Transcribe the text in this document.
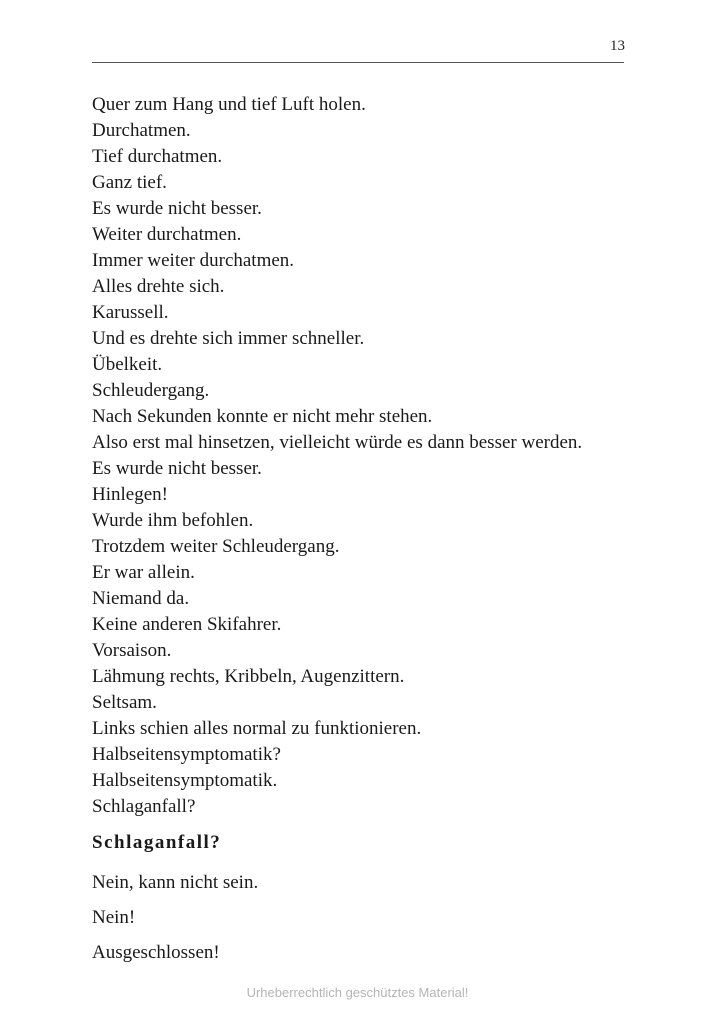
13
Quer zum Hang und tief Luft holen.
Durchatmen.
Tief durchatmen.
Ganz tief.
Es wurde nicht besser.
Weiter durchatmen.
Immer weiter durchatmen.
Alles drehte sich.
Karussell.
Und es drehte sich immer schneller.
Übelkeit.
Schleudergang.
Nach Sekunden konnte er nicht mehr stehen.
Also erst mal hinsetzen, vielleicht würde es dann besser werden.
Es wurde nicht besser.
Hinlegen!
Wurde ihm befohlen.
Trotzdem weiter Schleudergang.
Er war allein.
Niemand da.
Keine anderen Skifahrer.
Vorsaison.
Lähmung rechts, Kribbeln, Augenzittern.
Seltsam.
Links schien alles normal zu funktionieren.
Halbseitensymptomatik?
Halbseitensymptomatik.
Schlaganfall?
Schlaganfall?
Nein, kann nicht sein.
Nein!
Ausgeschlossen!
Urheberrechtlich geschütztes Material!
